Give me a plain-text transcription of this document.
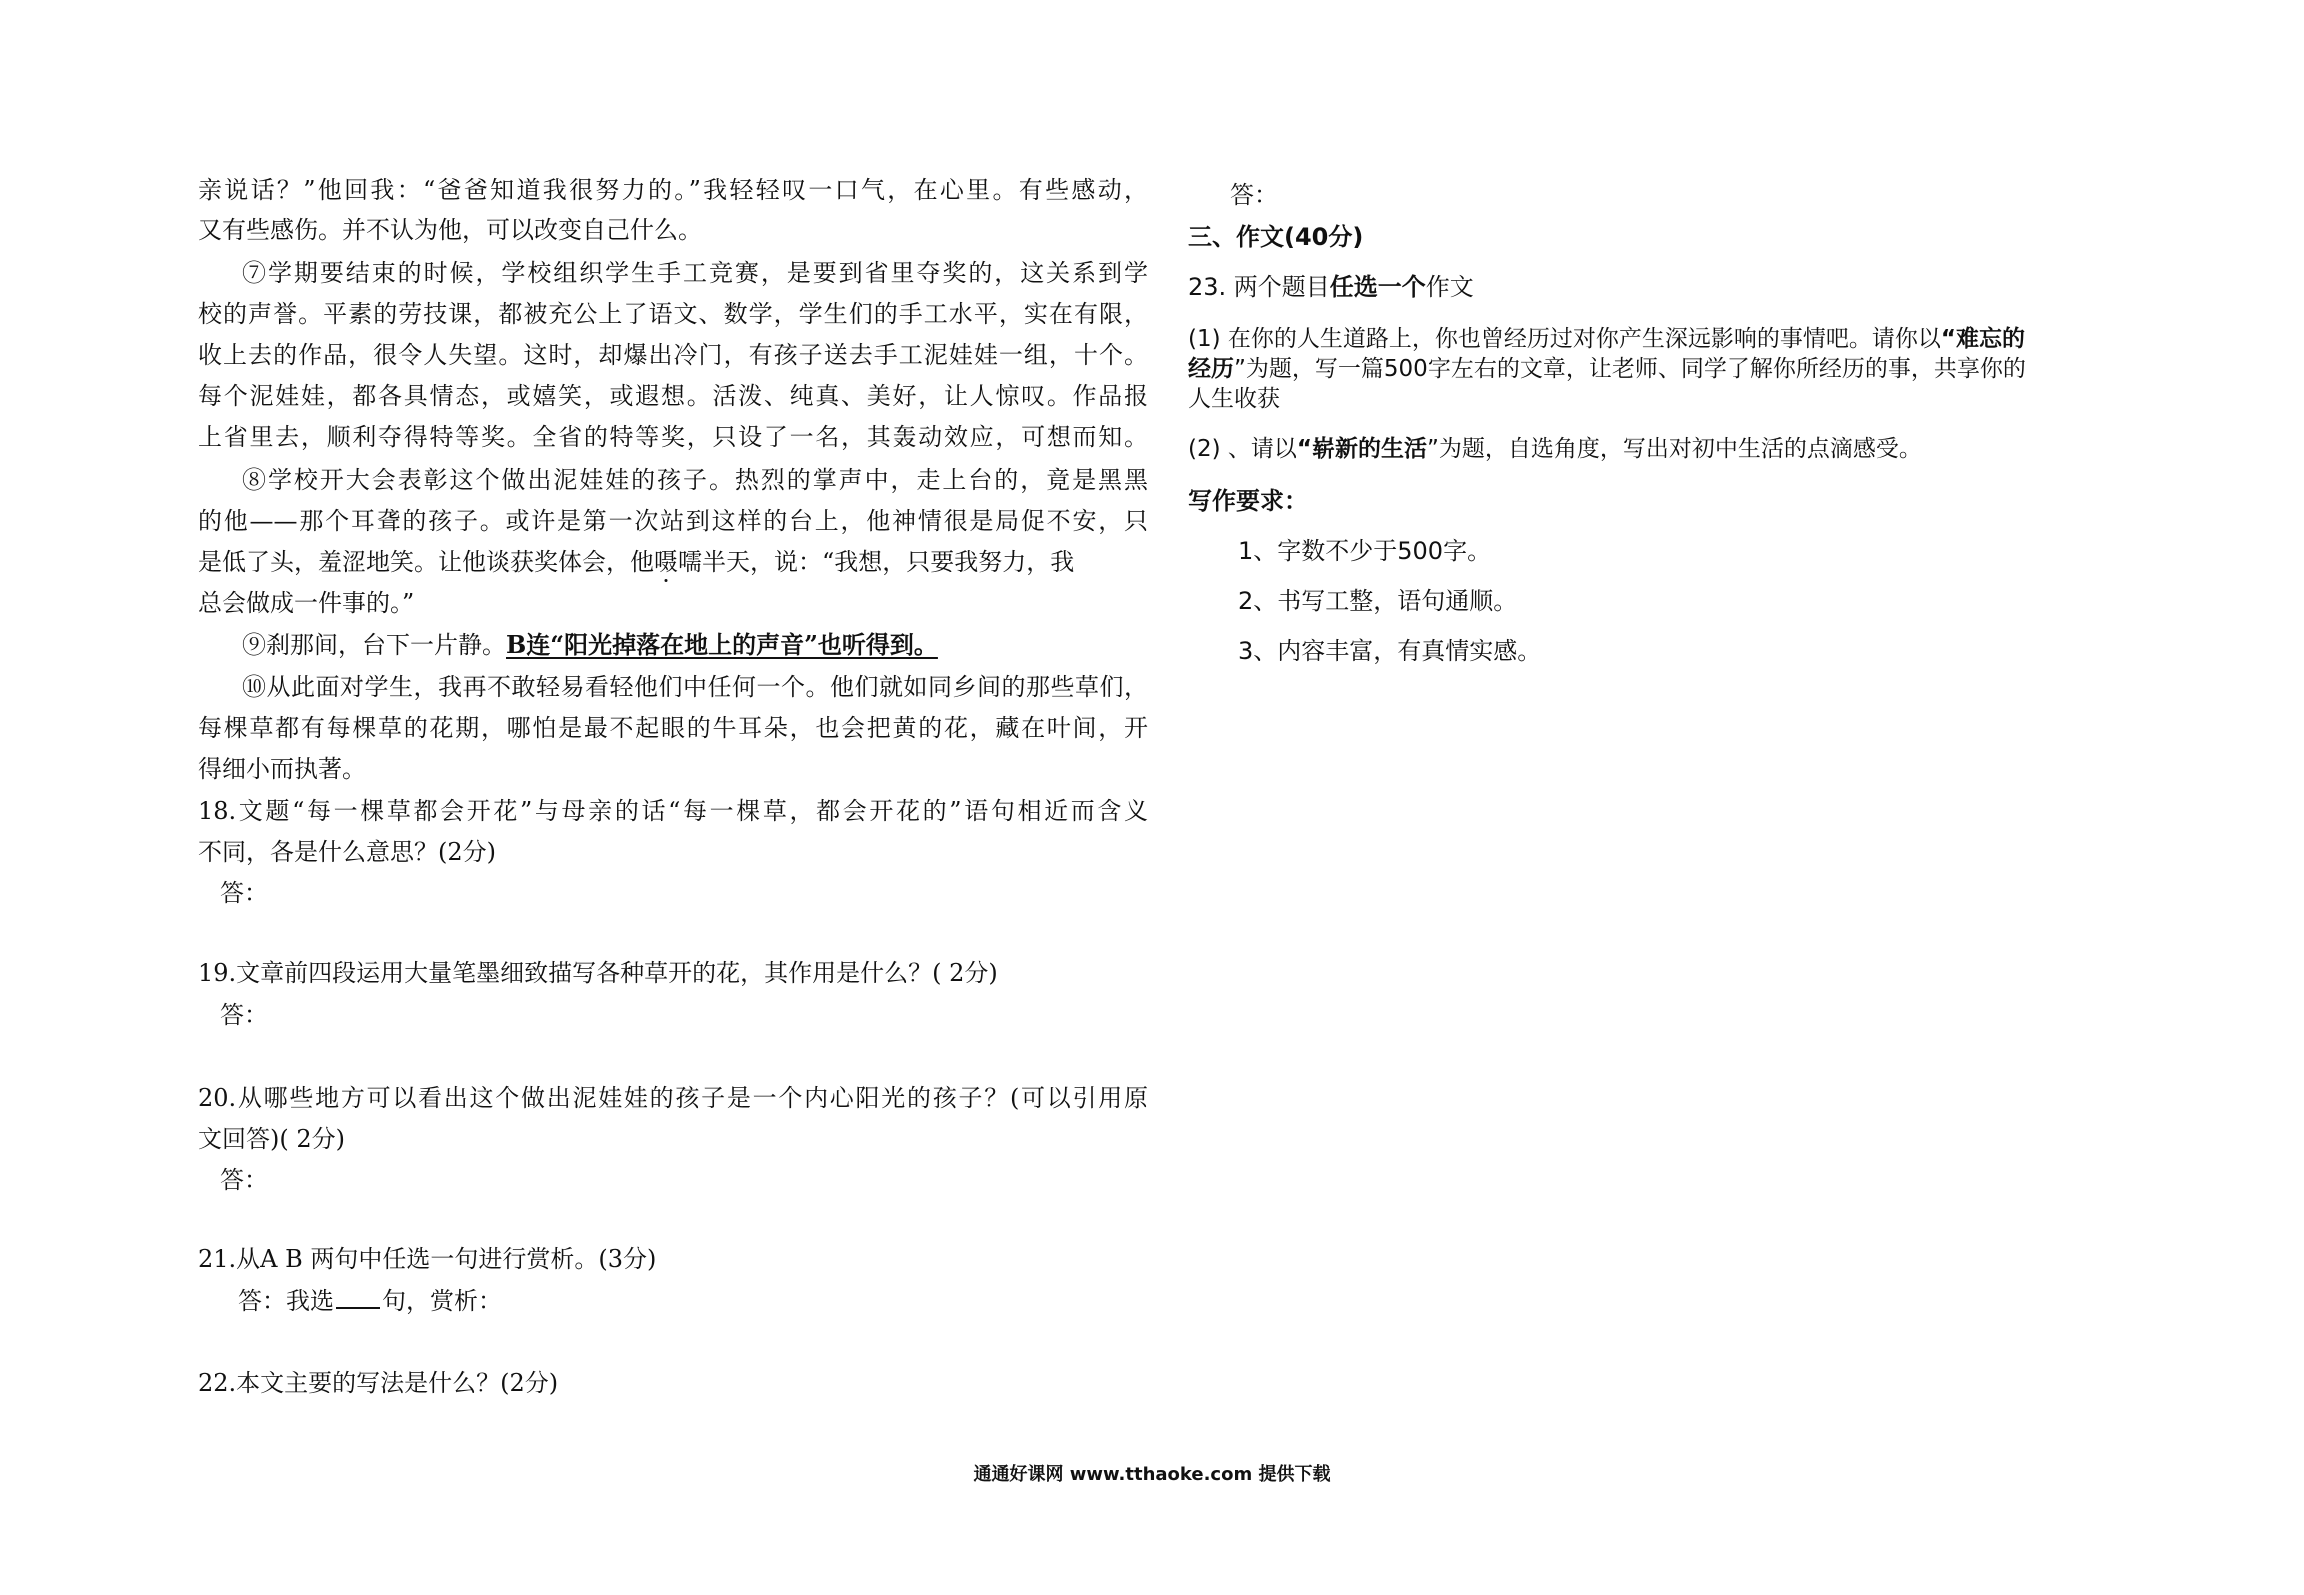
亲说话？”他回我：“爸爸知道我很努力的。”我轻轻叹一口气，在心里。有些感动，
又有些感伤。并不认为他，可以改变自己什么。
⑦学期要结束的时候，学校组织学生手工竞赛，是要到省里夺奖的，这关系到学
校的声誉。平素的劳技课，都被充公上了语文、数学，学生们的手工水平，实在有限，
收上去的作品，很令人失望。这时，却爆出冷门，有孩子送去手工泥娃娃一组，十个。
每个泥娃娃，都各具情态，或嬉笑，或遐想。活泼、纯真、美好，让人惊叹。作品报
上省里去，顺利夺得特等奖。全省的特等奖，只设了一名，其轰动效应，可想而知。
⑧学校开大会表彰这个做出泥娃娃的孩子。热烈的掌声中，走上台的，竟是黑黑
的他——那个耳聋的孩子。或许是第一次站到这样的台上，他神情很是局促不安，只
是低了头，羞涩地笑。让他谈获奖体会，他嗫嚅半天，说：“我想，只要我努力，我
总会做成一件事的。”
⑨刹那间，台下一片静。B连“阳光掉落在地上的声音”也听得到。
⑩从此面对学生，我再不敢轻易看轻他们中任何一个。他们就如同乡间的那些草们，
每棵草都有每棵草的花期，哪怕是最不起眼的牛耳朵，也会把黄的花，藏在叶间，开
得细小而执著。
18.文题“每一棵草都会开花”与母亲的话“每一棵草，都会开花的”语句相近而含义
不同，各是什么意思？(2分)
答：
19.文章前四段运用大量笔墨细致描写各种草开的花，其作用是什么？( 2分)
答：
20.从哪些地方可以看出这个做出泥娃娃的孩子是一个内心阳光的孩子？(可以引用原
文回答)( 2分)
答：
21.从A B 两句中任选一句进行赏析。(3分)
答：我选 句，赏析：
22.本文主要的写法是什么？(2分)
答：
三、作文(40分)
23. 两个题目任选一个作文
(1) 在你的人生道路上，你也曾经历过对你产生深远影响的事情吧。请你以“难忘的
经历”为题，写一篇500字左右的文章，让老师、同学了解你所经历的事，共享你的
人生收获
(2) 、请以“崭新的生活”为题，自选角度，写出对初中生活的点滴感受。
写作要求：
1、字数不少于500字。
2、书写工整，语句通顺。
3、内容丰富，有真情实感。
通通好课网 www.tthaoke.com 提供下载
